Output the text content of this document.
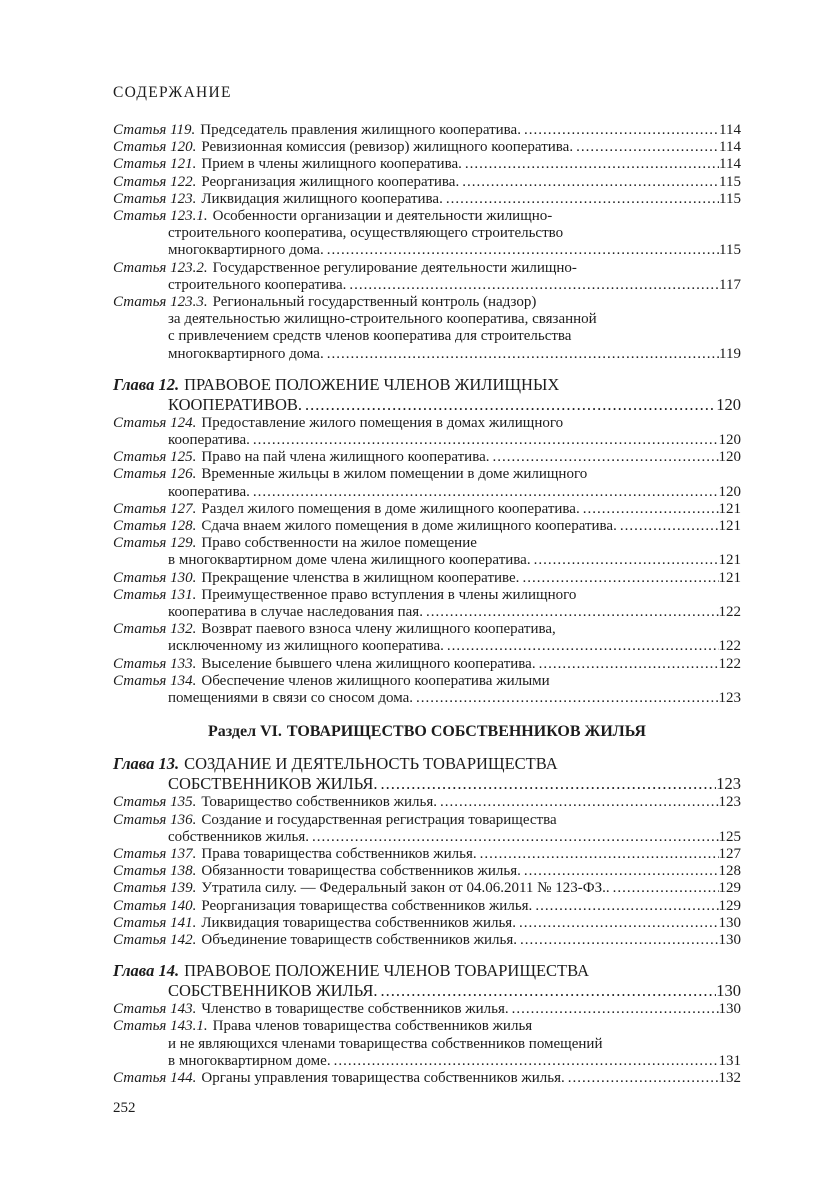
СОДЕРЖАНИЕ
Статья 119. Председатель правления жилищного кооператива. .....	114
Статья 120. Ревизионная комиссия (ревизор) жилищного кооператива. .....	114
Статья 121. Прием в члены жилищного кооператива. .....	114
Статья 122. Реорганизация жилищного кооператива. .....	115
Статья 123. Ликвидация жилищного кооператива. .....	115
Статья 123.1. Особенности организации и деятельности жилищно-
строительного кооператива, осуществляющего строительство
многоквартирного дома. .....	115
Статья 123.2. Государственное регулирование деятельности жилищно-
строительного кооператива. .....	117
Статья 123.3. Региональный государственный контроль (надзор)
за деятельностью жилищно-строительного кооператива, связанной
с привлечением средств членов кооператива для строительства
многоквартирного дома. .....	119
Глава 12. ПРАВОВОЕ ПОЛОЖЕНИЕ ЧЛЕНОВ ЖИЛИЩНЫХ
КООПЕРАТИВОВ. .....	120
Статья 124. Предоставление жилого помещения в домах жилищного
кооператива. .....	120
Статья 125. Право на пай члена жилищного кооператива. .....	120
Статья 126. Временные жильцы в жилом помещении в доме жилищного
кооператива. .....	120
Статья 127. Раздел жилого помещения в доме жилищного кооператива. .....	121
Статья 128. Сдача внаем жилого помещения в доме жилищного кооператива. .....	121
Статья 129. Право собственности на жилое помещение
в многоквартирном доме члена жилищного кооператива. .....	121
Статья 130. Прекращение членства в жилищном кооперативе. .....	121
Статья 131. Преимущественное право вступления в члены жилищного
кооператива в случае наследования пая. .....	122
Статья 132. Возврат паевого взноса члену жилищного кооператива,
исключенному из жилищного кооператива. .....	122
Статья 133. Выселение бывшего члена жилищного кооператива. .....	122
Статья 134. Обеспечение членов жилищного кооператива жилыми
помещениями в связи со сносом дома. .....	123
Раздел VI. ТОВАРИЩЕСТВО СОБСТВЕННИКОВ ЖИЛЬЯ
Глава 13. СОЗДАНИЕ И ДЕЯТЕЛЬНОСТЬ ТОВАРИЩЕСТВА
СОБСТВЕННИКОВ ЖИЛЬЯ. .....	123
Статья 135. Товарищество собственников жилья. .....	123
Статья 136. Создание и государственная регистрация товарищества
собственников жилья. .....	125
Статья 137. Права товарищества собственников жилья. .....	127
Статья 138. Обязанности товарищества собственников жилья. .....	128
Статья 139. Утратила силу. — Федеральный закон от 04.06.2011 № 123-ФЗ.. .....	129
Статья 140. Реорганизация товарищества собственников жилья. .....	129
Статья 141. Ликвидация товарищества собственников жилья. .....	130
Статья 142. Объединение товариществ собственников жилья. .....	130
Глава 14. ПРАВОВОЕ ПОЛОЖЕНИЕ ЧЛЕНОВ ТОВАРИЩЕСТВА
СОБСТВЕННИКОВ ЖИЛЬЯ. .....	130
Статья 143. Членство в товариществе собственников жилья. .....	130
Статья 143.1. Права членов товарищества собственников жилья
и не являющихся членами товарищества собственников помещений
в многоквартирном доме. .....	131
Статья 144. Органы управления товарищества собственников жилья. .....	132
252
